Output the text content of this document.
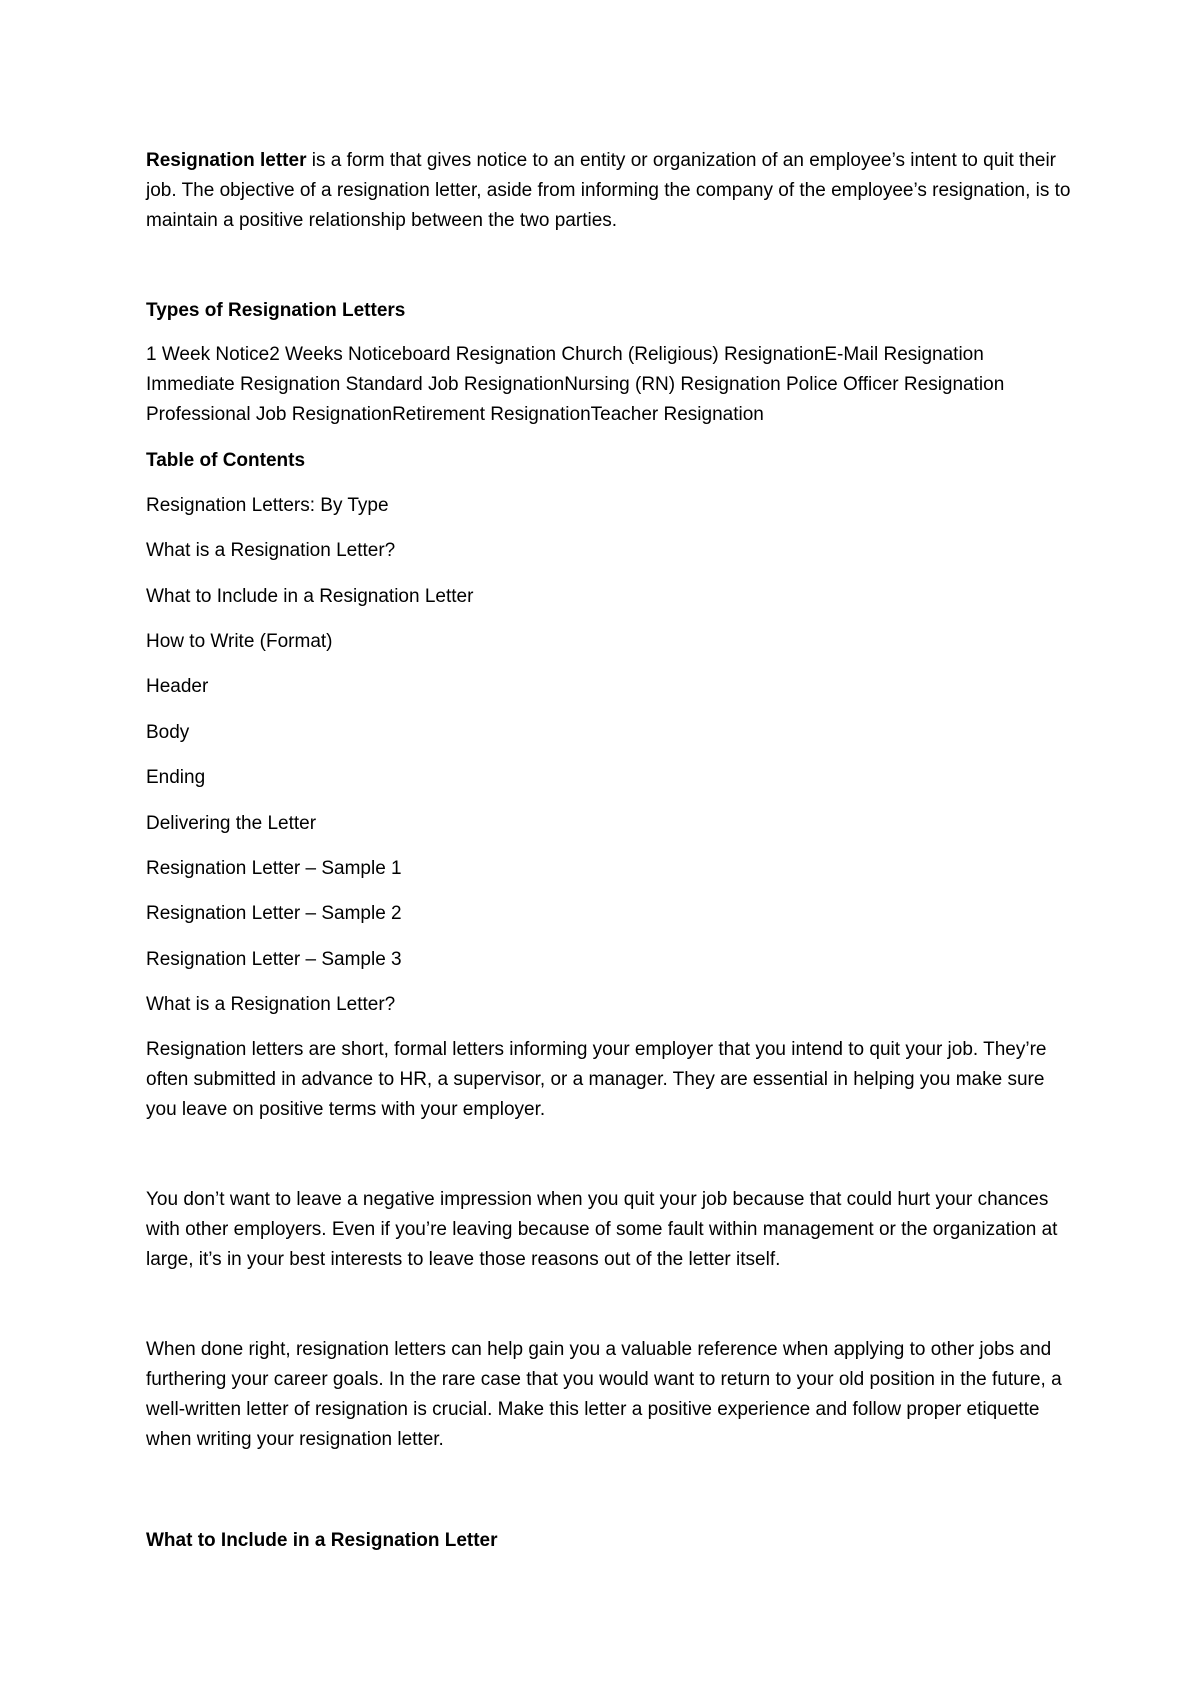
Resignation letter is a form that gives notice to an entity or organization of an employee’s intent to quit their job. The objective of a resignation letter, aside from informing the company of the employee’s resignation, is to maintain a positive relationship between the two parties.

Types of Resignation Letters

1 Week Notice2 Weeks Noticeboard Resignation Church (Religious) ResignationE-Mail Resignation Immediate Resignation Standard Job ResignationNursing (RN) Resignation Police Officer Resignation Professional Job ResignationRetirement ResignationTeacher Resignation

Table of Contents

Resignation Letters: By Type

What is a Resignation Letter?

What to Include in a Resignation Letter

How to Write (Format)

Header

Body

Ending

Delivering the Letter

Resignation Letter – Sample 1

Resignation Letter – Sample 2

Resignation Letter – Sample 3

What is a Resignation Letter?

Resignation letters are short, formal letters informing your employer that you intend to quit your job. They’re often submitted in advance to HR, a supervisor, or a manager. They are essential in helping you make sure you leave on positive terms with your employer.

You don’t want to leave a negative impression when you quit your job because that could hurt your chances with other employers. Even if you’re leaving because of some fault within management or the organization at large, it’s in your best interests to leave those reasons out of the letter itself.

When done right, resignation letters can help gain you a valuable reference when applying to other jobs and furthering your career goals. In the rare case that you would want to return to your old position in the future, a well-written letter of resignation is crucial. Make this letter a positive experience and follow proper etiquette when writing your resignation letter.

What to Include in a Resignation Letter
